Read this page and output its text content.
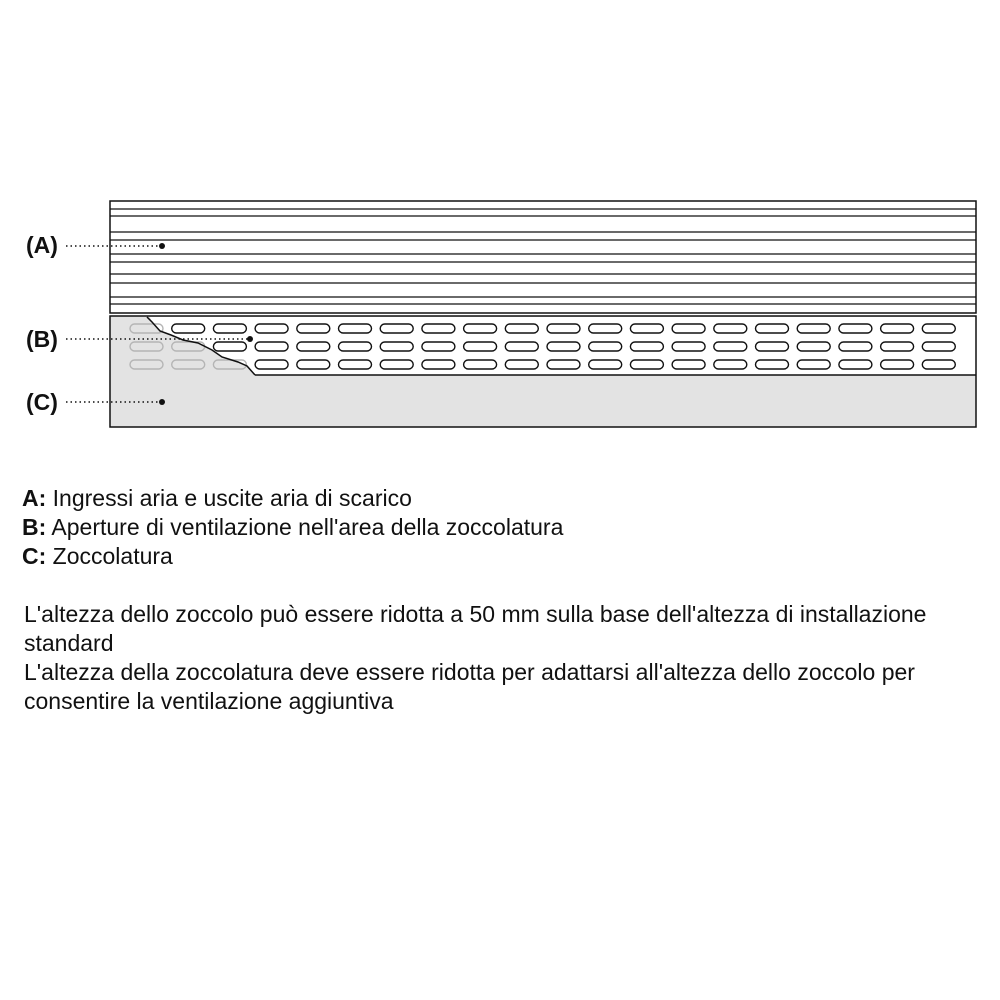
(A)
(B)
(C)
A: Ingressi aria e uscite aria di scarico
B: Aperture di ventilazione nell'area della zoccolatura
C: Zoccolatura

L'altezza dello zoccolo può essere ridotta a 50 mm sulla base dell'altezza di installazione standard

L'altezza della zoccolatura deve essere ridotta per adattarsi all'altezza dello zoccolo per consentire la ventilazione aggiuntiva
